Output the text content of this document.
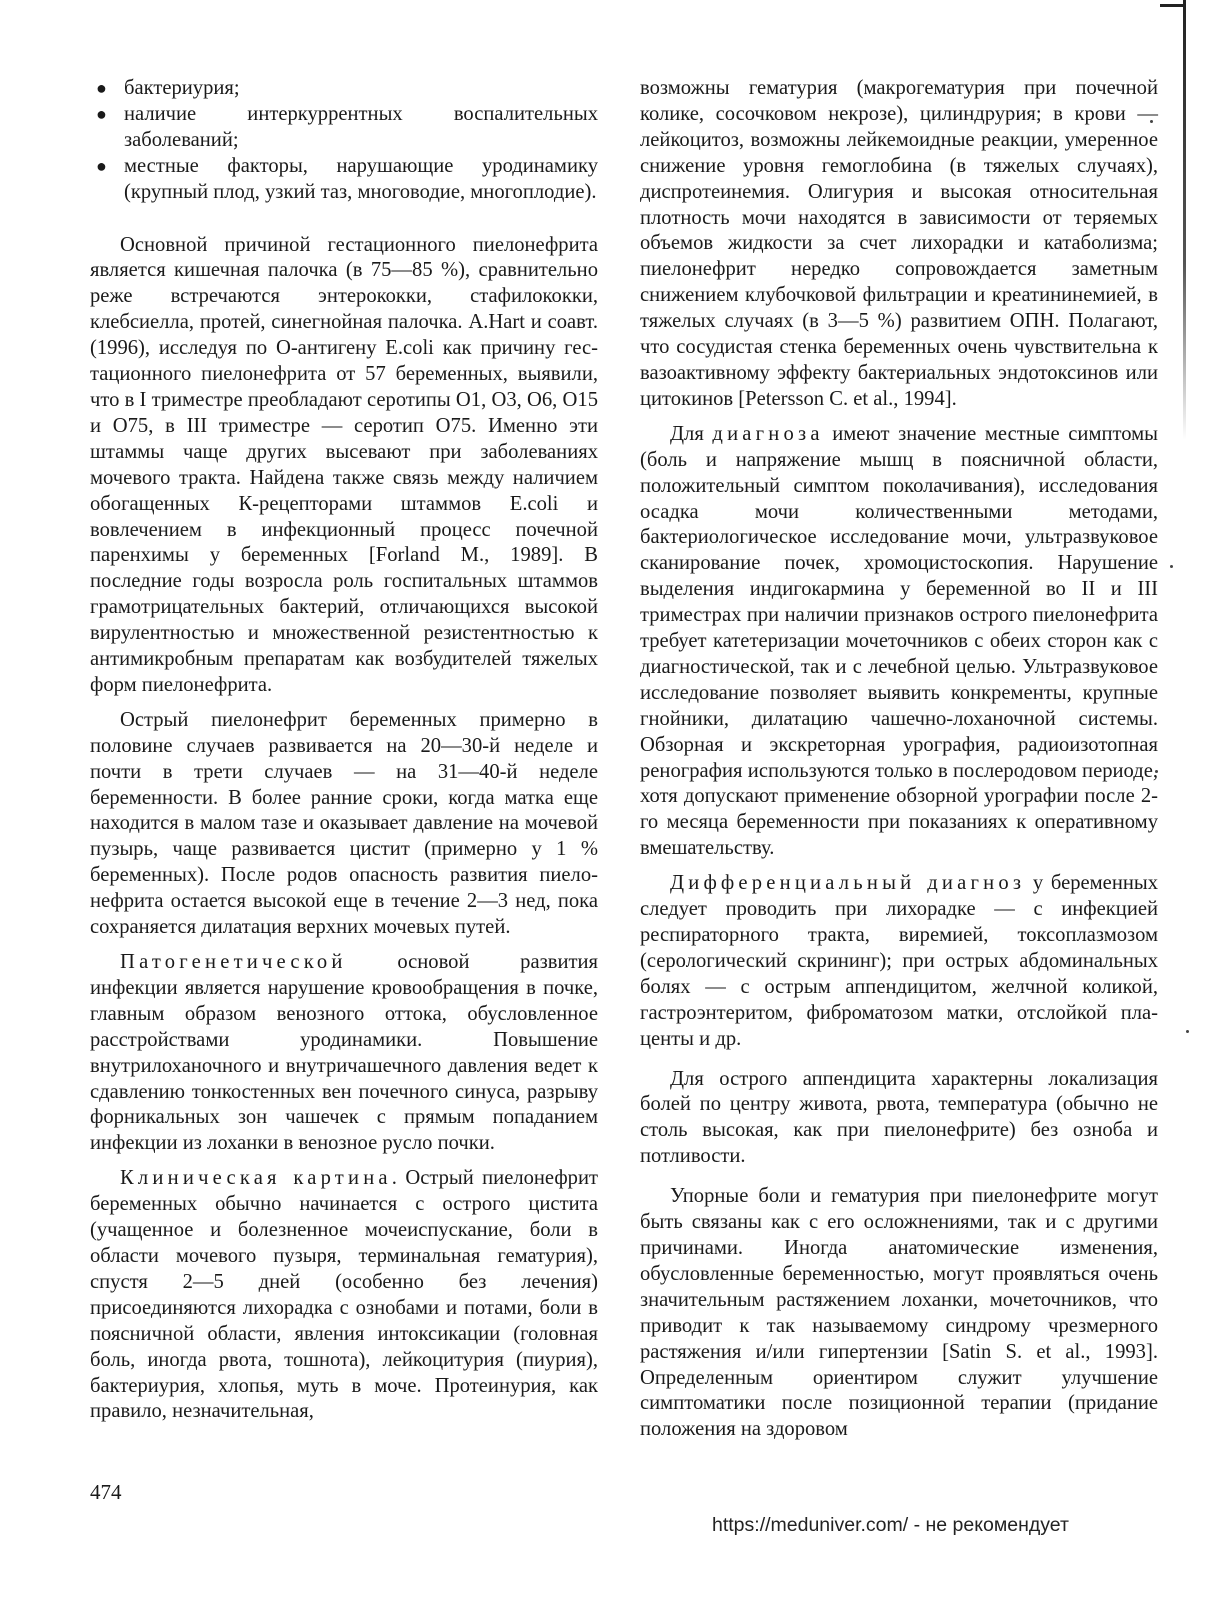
● бактериурия;
● наличие интеркуррентных воспалительных заболеваний;
● местные факторы, нарушающие уродинамику (крупный плод, узкий таз, многоводие, многоплодие).

Основной причиной гестационного пиелонефрита является кишечная палочка (в 75—85 %), сравнительно реже встречаются энтерококки, стафилококки, клебсиелла, протей, синегнойная палочка. A.Hart и соавт. (1996), исследуя по О-антигену E.coli как причину гестационного пиелонефрита от 57 беременных, выявили, что в I триместре преобладают серотипы О1, О3, О6, О15 и О75, в III триместре — серотип О75. Именно эти штаммы чаще других высевают при заболеваниях мочевого тракта. Найдена также связь между наличием обогащенных К-рецепторами штаммов E.coli и вовлечением в инфекционный процесс почечной паренхимы у беременных [Forland M., 1989]. В последние годы возросла роль госпитальных штаммов грамотрицательных бактерий, отличающихся высокой вирулентностью и множественной резистентностью к антимикробным препаратам как возбудителей тяжелых форм пиелонефрита.

Острый пиелонефрит беременных примерно в половине случаев развивается на 20—30-й неделе и почти в трети случаев — на 31—40-й неделе беременности. В более ранние сроки, когда матка еще находится в малом тазе и оказывает давление на мочевой пузырь, чаще развивается цистит (примерно у 1 % беременных). После родов опасность развития пиелонефрита остается высокой еще в течение 2—3 нед, пока сохраняется дилатация верхних мочевых путей.

Патогенетической основой развития инфекции является нарушение кровообращения в почке, главным образом венозного оттока, обусловленное расстройствами уродинамики. Повышение внутрилоханочного и внутричашечного давления ведет к сдавлению тонкостенных вен почечного синуса, разрыву форникальных зон чашечек с прямым попаданием инфекции из лоханки в венозное русло почки.

Клиническая картина. Острый пиелонефрит беременных обычно начинается с острого цистита (учащенное и болезненное мочеиспускание, боли в области мочевого пузыря, терминальная гематурия), спустя 2—5 дней (особенно без лечения) присоединяются лихорадка с ознобами и потами, боли в поясничной области, явления интоксикации (головная боль, иногда рвота, тошнота), лейкоцитурия (пиурия), бактериурия, хлопья, муть в моче. Протеинурия, как правило, незначительная,

возможны гематурия (макрогематурия при почечной колике, сосочковом некрозе), цилиндрурия; в крови — лейкоцитоз, возможны лейкемоидные реакции, умеренное снижение уровня гемоглобина (в тяжелых случаях), диспротеинемия. Олигурия и высокая относительная плотность мочи находятся в зависимости от теряемых объемов жидкости за счет лихорадки и катаболизма; пиелонефрит нередко сопровождается заметным снижением клубочковой фильтрации и креатининемией, в тяжелых случаях (в 3—5 %) развитием ОПН. Полагают, что сосудистая стенка беременных очень чувствительна к вазоактивному эффекту бактериальных эндотоксинов или цитокинов [Petersson C. et al., 1994].

Для диагноза имеют значение местные симптомы (боль и напряжение мышц в поясничной области, положительный симптом поколачивания), исследования осадка мочи количественными методами, бактериологическое исследование мочи, ультразвуковое сканирование почек, хромоцистоскопия. Нарушение выделения индигокармина у беременной во II и III триместрах при наличии признаков острого пиелонефрита требует катетеризации мочеточников с обеих сторон как с диагностической, так и с лечебной целью. Ультразвуковое исследование позволяет выявить конкременты, крупные гнойники, дилатацию чашечно-лоханочной системы. Обзорная и экскреторная урография, радиоизотопная ренография используются только в послеродовом периоде, хотя допускают применение обзорной урографии после 2-го месяца беременности при показаниях к оперативному вмешательству.

Дифференциальный диагноз у беременных следует проводить при лихорадке — с инфекцией респираторного тракта, виремией, токсоплазмозом (серологический скрининг); при острых абдоминальных болях — с острым аппендицитом, желчной коликой, гастроэнтеритом, фиброматозом матки, отслойкой плаценты и др.

Для острого аппендицита характерны локализация болей по центру живота, рвота, температура (обычно не столь высокая, как при пиелонефрите) без озноба и потливости.

Упорные боли и гематурия при пиелонефрите могут быть связаны как с его осложнениями, так и с другими причинами. Иногда анатомические изменения, обусловленные беременностью, могут проявляться очень значительным растяжением лоханки, мочеточников, что приводит к так называемому синдрому чрезмерного растяжения и/или гипертензии [Satin S. et al., 1993]. Определенным ориентиром служит улучшение симптоматики после позиционной терапии (придание положения на здоровом

474
https://meduniver.com/ - не рекомендует
